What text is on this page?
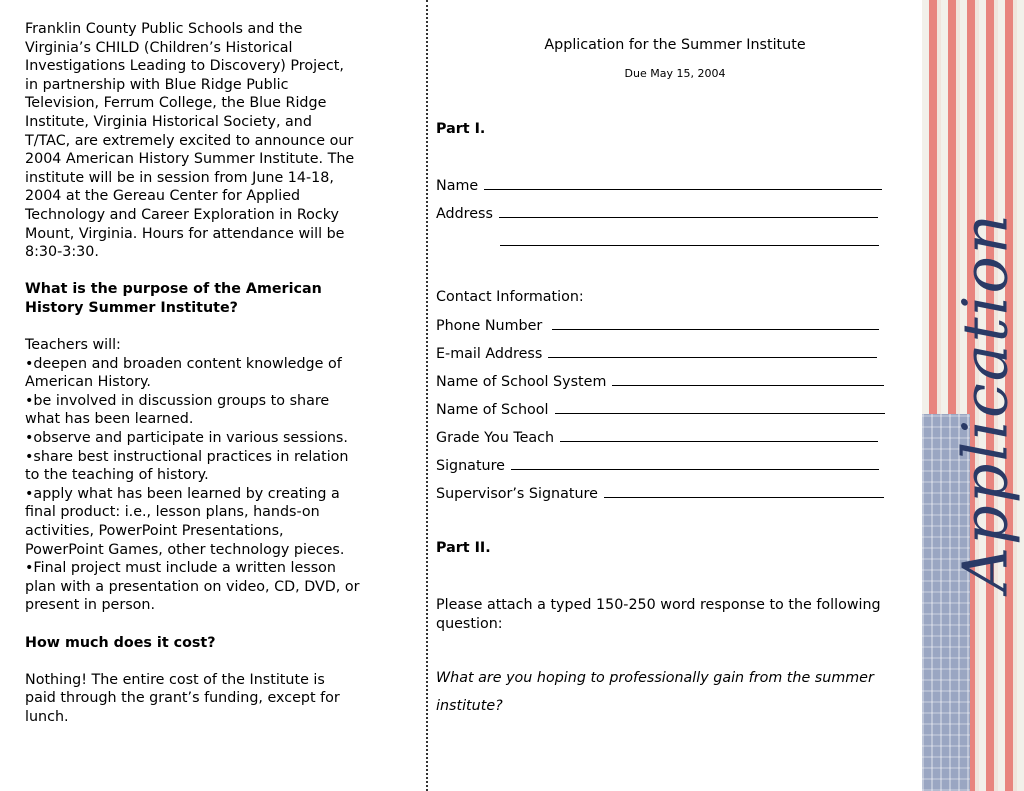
Franklin County Public Schools and the Virginia’s CHILD (Children’s Historical Investigations Leading to Discovery) Project, in partnership with Blue Ridge Public Television, Ferrum College, the Blue Ridge Institute, Virginia Historical Society, and T/TAC, are extremely excited to announce our 2004 American History Summer Institute. The institute will be in session from June 14-18, 2004 at the Gereau Center for Applied Technology and Career Exploration in Rocky Mount, Virginia. Hours for attendance will be 8:30-3:30.

What is the purpose of the American History Summer Institute?

Teachers will:

•deepen and broaden content knowledge of American History.

•be involved in discussion groups to share what has been learned.

•observe and participate in various sessions.

•share best instructional practices in relation to the teaching of history.

•apply what has been learned by creating a final product: i.e., lesson plans, hands-on activities, PowerPoint Presentations, PowerPoint Games, other technology pieces.

•Final project must include a written lesson plan with a presentation on video, CD, DVD, or present in person.

How much does it cost?

Nothing! The entire cost of the Institute is paid through the grant’s funding, except for lunch.

Application for the Summer Institute
Due May 15, 2004
Part I.
Name
Address
Contact Information:
Phone Number
E-mail Address
Name of School System
Name of School
Grade You Teach
Signature
Supervisor’s Signature
Part II.
Please attach a typed 150-250 word response to the following question:
What are you hoping to professionally gain from the summer institute?
Application
